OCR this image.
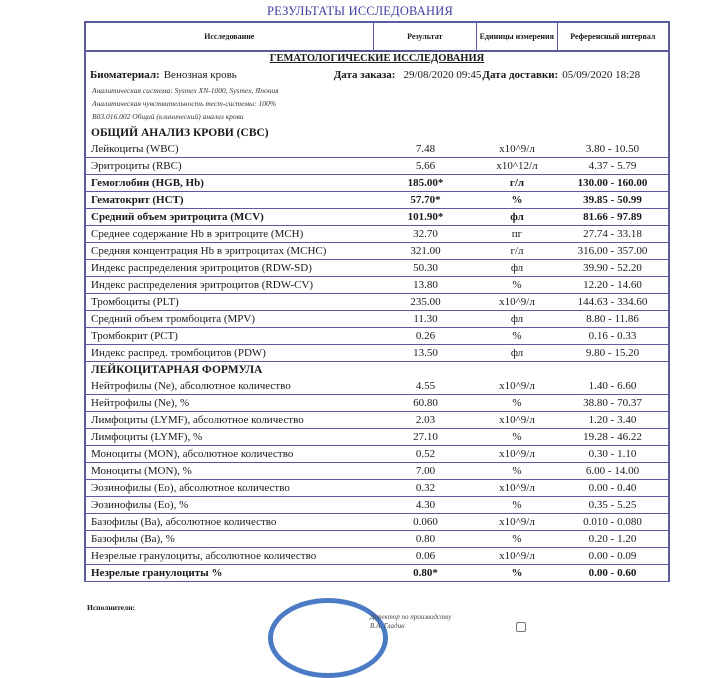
РЕЗУЛЬТАТЫ ИССЛЕДОВАНИЯ
Исследование	Результат	Единицы измерения	Референсный интервал
ГЕМАТОЛОГИЧЕСКИЕ ИССЛЕДОВАНИЯ
Биоматериал: Венозная кровь	Дата заказа: 29/08/2020 09:45 Дата доставки: 05/09/2020 18:28
Аналитическая система: Sysmex XN-1000, Sysmex, Япония
Аналитическая чувствительность тест-системы: 100%
B03.016.002 Общий (клинический) анализ крови
ОБЩИЙ АНАЛИЗ КРОВИ (CBC)			
Лейкоциты (WBC)	7.48	x10^9/л	3.80 - 10.50
Эритроциты (RBC)	5.66	x10^12/л	4.37 - 5.79
Гемоглобин (HGB, Hb)	185.00*	г/л	130.00 - 160.00
Гематокрит (HCT)	57.70*	%	39.85 - 50.99
Средний объем эритроцита (MCV)	101.90*	фл	81.66 - 97.89
Среднее содержание Hb в эритроците (MCH)	32.70	пг	27.74 - 33.18
Средняя концентрация Hb в эритроцитах (MCHC)	321.00	г/л	316.00 - 357.00
Индекс распределения эритроцитов (RDW-SD)	50.30	фл	39.90 - 52.20
Индекс распределения эритроцитов (RDW-CV)	13.80	%	12.20 - 14.60
Тромбоциты (PLT)	235.00	x10^9/л	144.63 - 334.60
Средний объем тромбоцита (MPV)	11.30	фл	8.80 - 11.86
Тромбокрит (PCT)	0.26	%	0.16 - 0.33
Индекс распред. тромбоцитов (PDW)	13.50	фл	9.80 - 15.20
ЛЕЙКОЦИТАРНАЯ ФОРМУЛА			
Нейтрофилы (Ne), абсолютное количество	4.55	x10^9/л	1.40 - 6.60
Нейтрофилы (Ne), %	60.80	%	38.80 - 70.37
Лимфоциты (LYMF), абсолютное количество	2.03	x10^9/л	1.20 - 3.40
Лимфоциты (LYMF), %	27.10	%	19.28 - 46.22
Моноциты (MON), абсолютное количество	0.52	x10^9/л	0.30 - 1.10
Моноциты (MON), %	7.00	%	6.00 - 14.00
Эозинофилы (Eo), абсолютное количество	0.32	x10^9/л	0.00 - 0.40
Эозинофилы (Eo), %	4.30	%	0.35 - 5.25
Базофилы (Ba), абсолютное количество	0.060	x10^9/л	0.010 - 0.080
Базофилы (Ba), %	0.80	%	0.20 - 1.20
Незрелые гранулоциты, абсолютное количество	0.06	x10^9/л	0.00 - 0.09
Незрелые гранулоциты %	0.80*	%	0.00 - 0.60
Исполнители:
Директор по производству
В.А. Гладин
